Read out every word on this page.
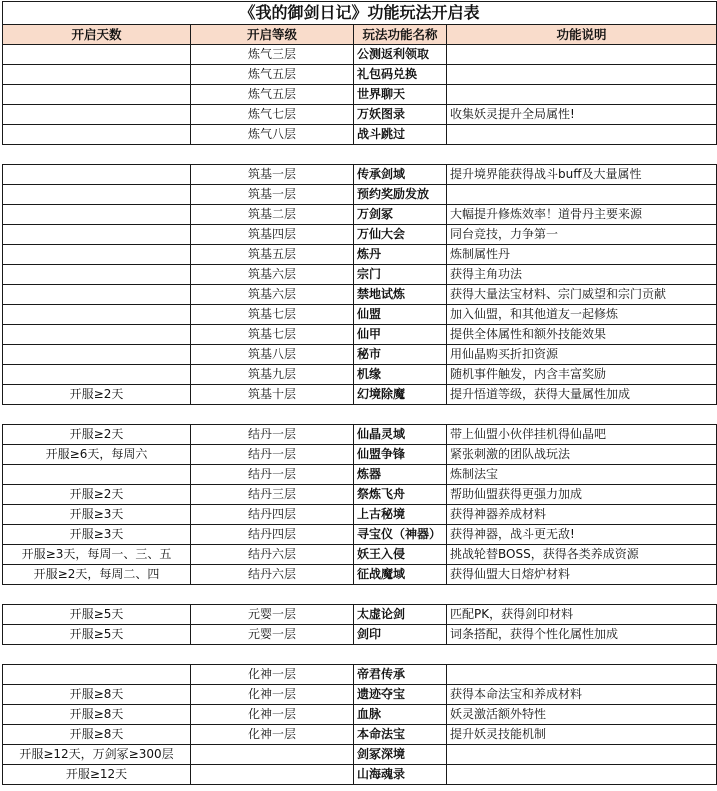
《我的御剑日记》功能玩法开启表
开启天数	开启等级	玩法功能名称	功能说明
	炼气三层	公测返利领取	
	炼气五层	礼包码兑换	
	炼气五层	世界聊天	
	炼气七层	万妖图录	收集妖灵提升全局属性!
	炼气八层	战斗跳过	
	筑基一层	传承剑域	提升境界能获得战斗buff及大量属性
	筑基一层	预约奖励发放	
	筑基二层	万剑冢	大幅提升修炼效率！道骨丹主要来源
	筑基四层	万仙大会	同台竞技，力争第一
	筑基五层	炼丹	炼制属性丹
	筑基六层	宗门	获得主角功法
	筑基六层	禁地试炼	获得大量法宝材料、宗门威望和宗门贡献
	筑基七层	仙盟	加入仙盟，和其他道友一起修炼
	筑基七层	仙甲	提供全体属性和额外技能效果
	筑基八层	秘市	用仙晶购买折扣资源
	筑基九层	机缘	随机事件触发，内含丰富奖励
开服≥2天	筑基十层	幻境除魔	提升悟道等级，获得大量属性加成
开服≥2天	结丹一层	仙晶灵域	带上仙盟小伙伴挂机得仙晶吧
开服≥6天，每周六	结丹一层	仙盟争锋	紧张刺激的团队战玩法
	结丹一层	炼器	炼制法宝
开服≥2天	结丹三层	祭炼飞舟	帮助仙盟获得更强力加成
开服≥3天	结丹四层	上古秘境	获得神器养成材料
开服≥3天	结丹四层	寻宝仪（神器）	获得神器，战斗更无敌!
开服≥3天，每周一、三、五	结丹六层	妖王入侵	挑战轮替BOSS，获得各类养成资源
开服≥2天，每周二、四	结丹六层	征战魔域	获得仙盟大日熔炉材料
开服≥5天	元婴一层	太虚论剑	匹配PK，获得剑印材料
开服≥5天	元婴一层	剑印	词条搭配，获得个性化属性加成
	化神一层	帝君传承	
开服≥8天	化神一层	遗迹夺宝	获得本命法宝和养成材料
开服≥8天	化神一层	血脉	妖灵激活额外特性
开服≥8天	化神一层	本命法宝	提升妖灵技能机制
开服≥12天，万剑冢≥300层		剑冢深境	
开服≥12天		山海魂录	
